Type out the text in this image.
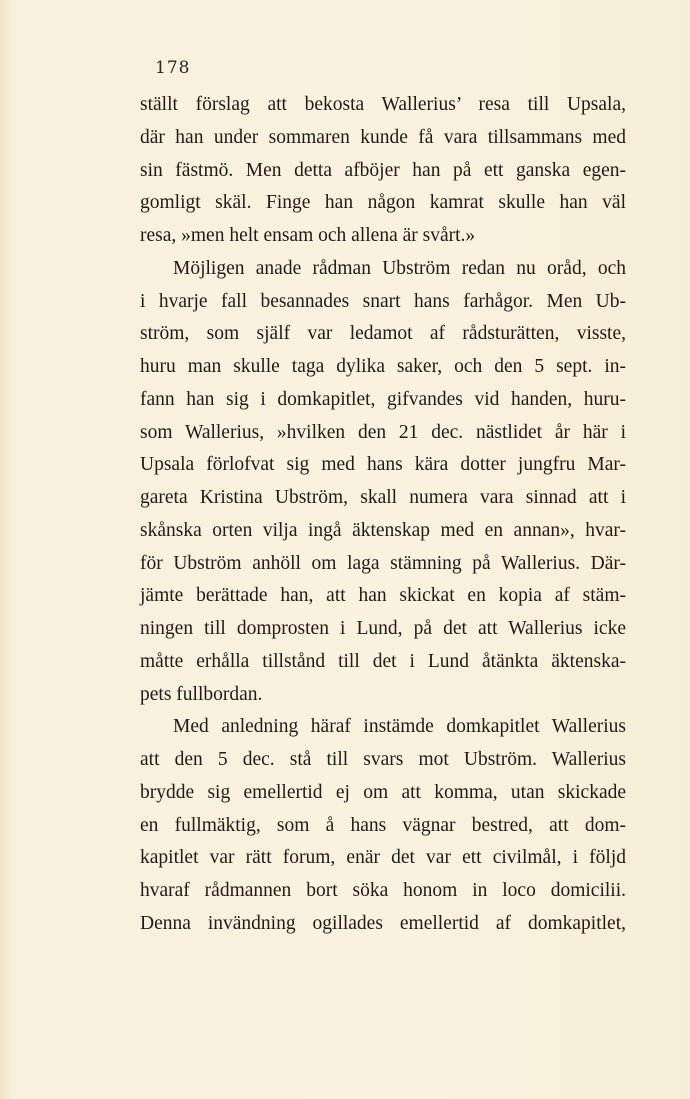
178
ställt förslag att bekosta Wallerius’ resa till Upsala,
där han under sommaren kunde få vara tillsammans med
sin fästmö. Men detta afböjer han på ett ganska egen-
gomligt skäl. Finge han någon kamrat skulle han väl
resa, »men helt ensam och allena är svårt.»
Möjligen anade rådman Ubström redan nu oråd, och
i hvarje fall besannades snart hans farhågor. Men Ub-
ström, som själf var ledamot af rådsturätten, visste,
huru man skulle taga dylika saker, och den 5 sept. in-
fann han sig i domkapitlet, gifvandes vid handen, huru-
som Wallerius, »hvilken den 21 dec. nästlidet år här i
Upsala förlofvat sig med hans kära dotter jungfru Mar-
gareta Kristina Ubström, skall numera vara sinnad att i
skånska orten vilja ingå äktenskap med en annan», hvar-
för Ubström anhöll om laga stämning på Wallerius. Där-
jämte berättade han, att han skickat en kopia af stäm-
ningen till domprosten i Lund, på det att Wallerius icke
måtte erhålla tillstånd till det i Lund åtänkta äktenska-
pets fullbordan.
Med anledning häraf instämde domkapitlet Wallerius
att den 5 dec. stå till svars mot Ubström. Wallerius
brydde sig emellertid ej om att komma, utan skickade
en fullmäktig, som å hans vägnar bestred, att dom-
kapitlet var rätt forum, enär det var ett civilmål, i följd
hvaraf rådmannen bort söka honom in loco domicilii.
Denna invändning ogillades emellertid af domkapitlet,
